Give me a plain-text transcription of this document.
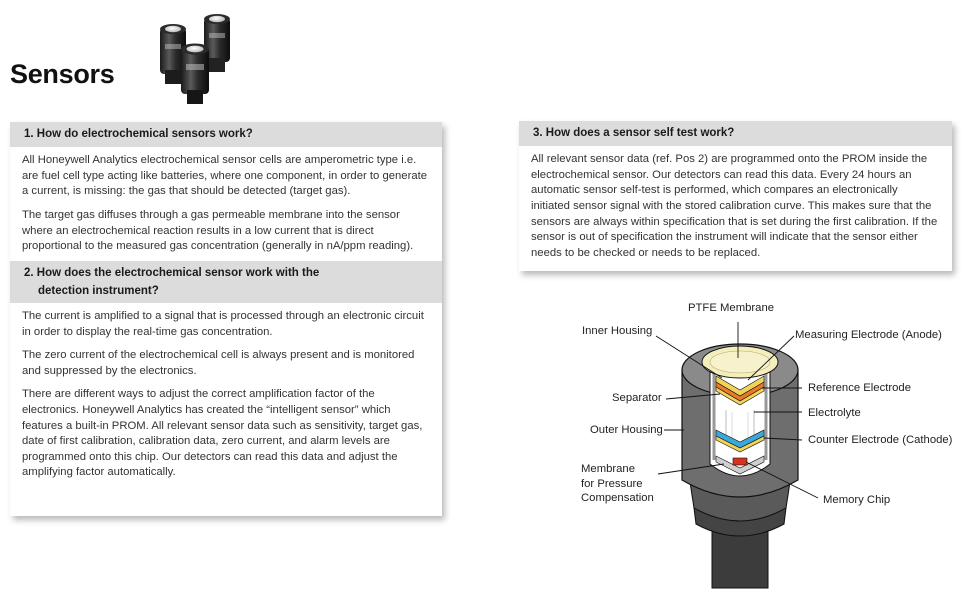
Sensors
1. How do electrochemical sensors work?

All Honeywell Analytics electrochemical sensor cells are amperometric type i.e. are fuel cell type acting like batteries, where one component, in order to generate a current, is missing: the gas that should be detected (target gas).

The target gas diffuses through a gas permeable membrane into the sensor where an electrochemical reaction results in a low current that is direct proportional to the measured gas concentration (generally in nA/ppm reading).

2. How does the electrochemical sensor work with the
detection instrument?

The current is amplified to a signal that is processed through an electronic circuit in order to display the real-time gas concentration.

The zero current of the electrochemical cell is always present and is monitored and suppressed by the electronics.

There are different ways to adjust the correct amplification factor of the electronics. Honeywell Analytics has created the “intelligent sensor” which features a built-in PROM. All relevant sensor data such as sensitivity, target gas, date of first calibration, calibration data, zero current, and alarm levels are programmed onto this chip. Our detectors can read this data and adjust the amplifying factor automatically.

3. How does a sensor self test work?

All relevant sensor data (ref. Pos 2) are programmed onto the PROM inside the electrochemical sensor. Our detectors can read this data. Every 24 hours an automatic sensor self-test is performed, which compares an electronically initiated sensor signal with the stored calibration curve. This makes sure that the sensors are always within specification that is set during the first calibration. If the sensor is out of specification the instrument will indicate that the sensor either needs to be checked or needs to be replaced.

PTFE Membrane
Inner Housing	Measuring Electrode (Anode)
Reference Electrode
Separator
Electrolyte
Outer Housing
Counter Electrode (Cathode)
Membrane
for Pressure
Compensation	Memory Chip
